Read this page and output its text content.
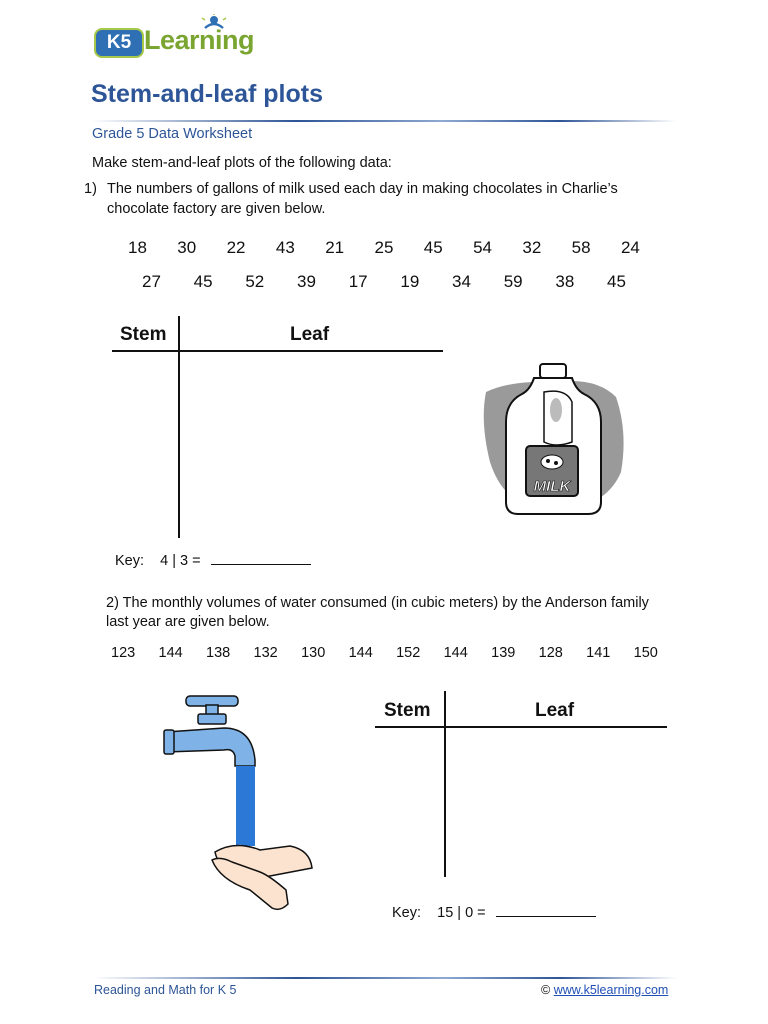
K5 Learning
Stem-and-leaf plots
Grade 5 Data Worksheet
Make stem-and-leaf plots of the following data:
1) The numbers of gallons of milk used each day in making chocolates in Charlie’s
chocolate factory are given below.
18 30 22 43 21 25 45 54 32 58 24
27 45 52 39 17 19 34 59 38 45
Stem	Leaf
Key: 4 | 3 =
MILK
2) The monthly volumes of water consumed (in cubic meters) by the Anderson family
last year are given below.
123 144 138 132 130 144 152 144 139 128 141 150
Stem	Leaf
Key: 15 | 0 =
Reading and Math for K 5	© www.k5learning.com
